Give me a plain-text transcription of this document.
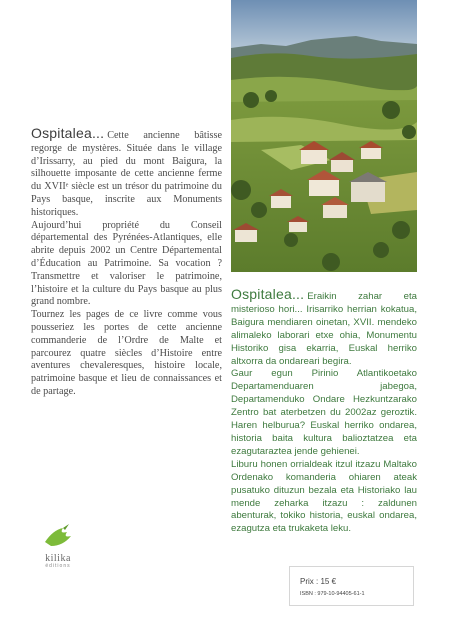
Ospitalea... Cette ancienne bâtisse regorge de mystères. Située dans le village d’Irissarry, au pied du mont Baigura, la silhouette imposante de cette ancienne ferme du XVIIᵉ siècle est un trésor du patrimoine du Pays basque, inscrite aux Monuments historiques.

Aujourd’hui propriété du Conseil départemental des Pyrénées-Atlantiques, elle abrite depuis 2002 un Centre Départemental d’Éducation au Patrimoine. Sa vocation ? Transmettre et valoriser le patrimoine, l’histoire et la culture du Pays basque au plus grand nombre.

Tournez les pages de ce livre comme vous pousseriez les portes de cette ancienne commanderie de l’Ordre de Malte et parcourez quatre siècles d’Histoire entre aventures chevaleresques, histoire locale, patrimoine basque et lieu de connaissances et de partage.

Ospitalea... Eraikin zahar eta misterioso hori... Irisarriko herrian kokatua, Baigura mendiaren oinetan, XVII. mendeko alimaleko laborari etxe ohia, Monumentu Historiko gisa ekarria, Euskal herriko altxorra da ondareari begira.

Gaur egun Pirinio Atlantikoetako Departamenduaren jabegoa, Departamenduko Ondare Hezkuntzarako Zentro bat aterbetzen du 2002az geroztik. Haren helburua? Euskal herriko ondarea, historia baita kultura balioztatzea eta ezagutaraztea jende gehienei.

Liburu honen orrialdeak itzul itzazu Maltako Ordenako komanderia ohiaren ateak pusatuko dituzun bezala eta Historiako lau mende zeharka itzazu : zaldunen abenturak, tokiko historia, euskal ondarea, ezagutza eta trukaketa leku.

kilika
éditions
Prix : 15 €
ISBN : 979-10-94405-61-1
